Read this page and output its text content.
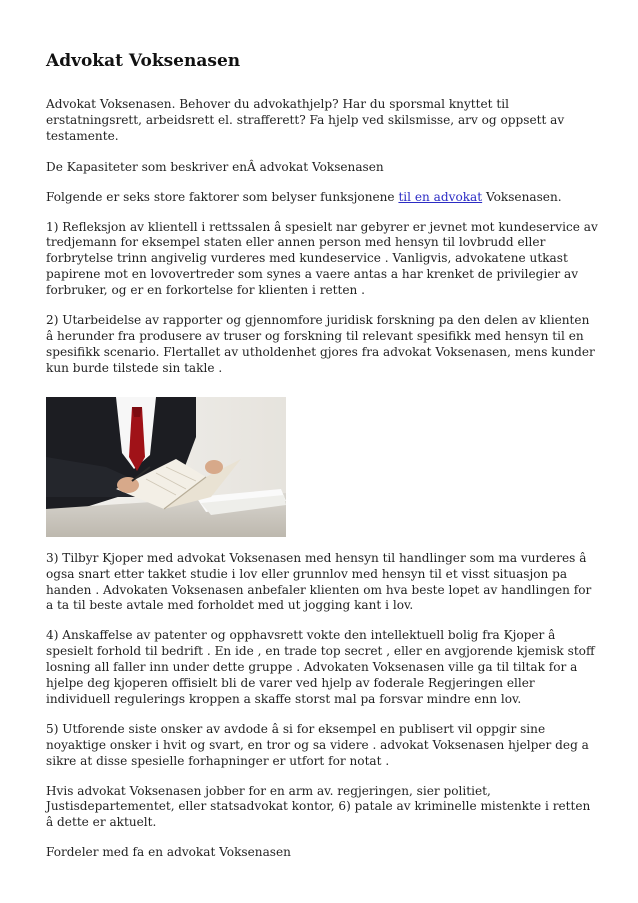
Advokat Voksenasen

Advokat Voksenasen. Behover du advokathjelp? Har du sporsmal knyttet til erstatningsrett, arbeidsrett el. strafferett? Fa hjelp ved skilsmisse, arv og oppsett av testamente.

De Kapasiteter som beskriver enÂ advokat Voksenasen

Folgende er seks store faktorer som belyser funksjonene til en advokat Voksenasen.

1) Refleksjon av klientell i rettssalen â spesielt nar gebyrer er jevnet mot kundeservice av tredjemann for eksempel staten eller annen person med hensyn til lovbrudd eller forbrytelse trinn angivelig vurderes med kundeservice . Vanligvis, advokatene utkast papirene mot en lovovertreder som synes a vaere antas a har krenket de privilegier av forbruker, og er en forkortelse for klienten i retten .

2) Utarbeidelse av rapporter og gjennomfore juridisk forskning pa den delen av klienten â herunder fra produsere av truser og forskning til relevant spesifikk med hensyn til en spesifikk scenario. Flertallet av utholdenhet gjores fra advokat Voksenasen, mens kunder kun burde tilstede sin takle .

3) Tilbyr Kjoper med advokat Voksenasen med hensyn til handlinger som ma vurderes â ogsa snart etter takket studie i lov eller grunnlov med hensyn til et visst situasjon pa handen . Advokaten Voksenasen anbefaler klienten om hva beste lopet av handlingen for a ta til beste avtale med forholdet med ut jogging kant i lov.

4) Anskaffelse av patenter og opphavsrett vokte den intellektuell bolig fra Kjoper â spesielt forhold til bedrift . En ide , en trade top secret , eller en avgjorende kjemisk stoff losning all faller inn under dette gruppe . Advokaten Voksenasen ville ga til tiltak for a hjelpe deg kjoperen offisielt bli de varer ved hjelp av foderale Regjeringen eller individuell regulerings kroppen a skaffe storst mal pa forsvar mindre enn lov.

5) Utforende siste onsker av avdode â si for eksempel en publisert vil oppgir sine noyaktige onsker i hvit og svart, en tror og sa videre . advokat Voksenasen hjelper deg a sikre at disse spesielle forhapninger er utfort for notat .

Hvis advokat Voksenasen jobber for en arm av. regjeringen, sier politiet, Justisdepartementet, eller statsadvokat kontor, 6) patale av kriminelle mistenkte i retten â dette er aktuelt.

Fordeler med fa en advokat Voksenasen
